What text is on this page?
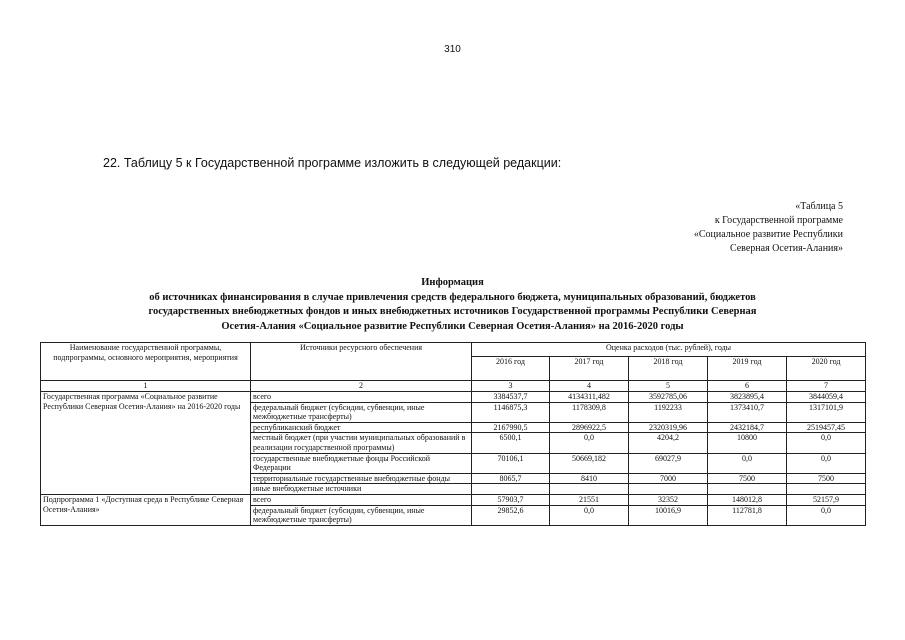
310
22. Таблицу 5 к Государственной программе изложить в следующей редакции:
«Таблица 5
к Государственной программе
«Социальное развитие Республики
Северная Осетия-Алания»
Информация
об источниках финансирования в случае привлечения средств федерального бюджета, муниципальных образований, бюджетов
государственных внебюджетных фондов и иных внебюджетных источников Государственной программы Республики Северная
Осетия-Алания «Социальное развитие Республики Северная Осетия-Алания» на 2016-2020 годы
Наименование государственной программы, подпрограммы, основного мероприятия, мероприятия	Источники ресурсного обеспечения	Оценка расходов (тыс. рублей), годы				
		2016 год	2017 год	2018 год	2019 год	2020 год
1	2	3	4	5	6	7
Государственная программа «Социальное развитие Республики Северная Осетия-Алания» на 2016-2020 годы	всего	3384537,7	4134311,482	3592785,06	3823895,4	3844059,4
	федеральный бюджет (субсидии, субвенции, иные межбюджетные трансферты)	1146875,3	1178309,8	1192233	1373410,7	1317101,9
	республиканский бюджет	2167990,5	2896922,5	2320319,96	2432184,7	2519457,45
	местный бюджет (при участии муниципальных образований в реализации государственной программы)	6500,1	0,0	4204,2	10800	0,0
	государственные внебюджетные фонды Российской Федерации	70106,1	50669,182	69027,9	0,0	0,0
	территориальные государственные внебюджетные фонды	8065,7	8410	7000	7500	7500
	иные внебюджетные источники					
Подпрограмма 1 «Доступная среда в Республике Северная Осетия-Алания»	всего	57903,7	21551	32352	148012,8	52157,9
	федеральный бюджет (субсидии, субвенции, иные межбюджетные трансферты)	29852,6	0,0	10016,9	112781,8	0,0
